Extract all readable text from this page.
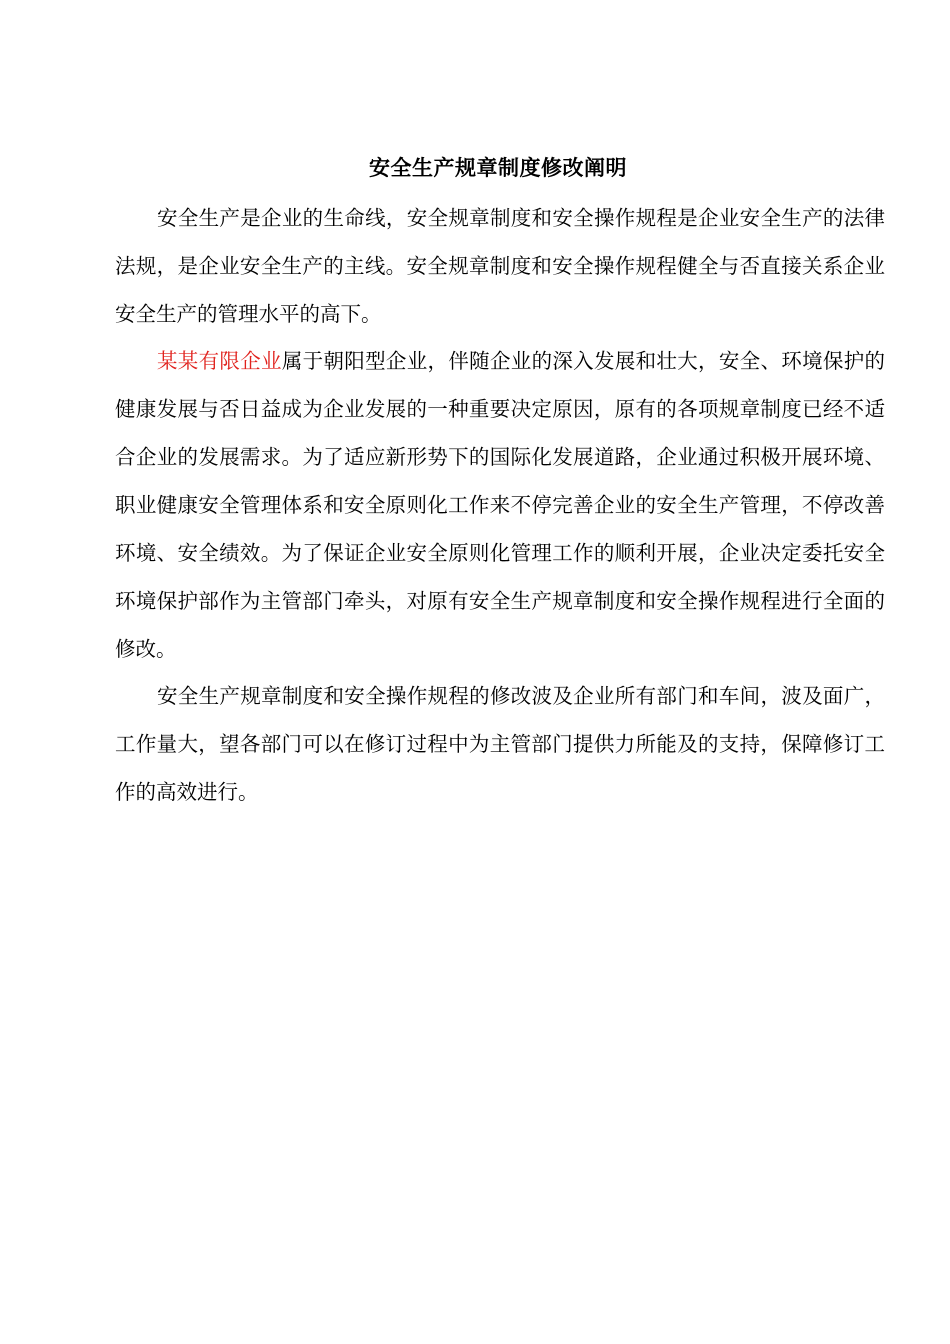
安全生产规章制度修改阐明

安全生产是企业的生命线，安全规章制度和安全操作规程是企业安全生产的法律法规，是企业安全生产的主线。安全规章制度和安全操作规程健全与否直接关系企业安全生产的管理水平的高下。

某某有限企业属于朝阳型企业，伴随企业的深入发展和壮大，安全、环境保护的健康发展与否日益成为企业发展的一种重要决定原因，原有的各项规章制度已经不适合企业的发展需求。为了适应新形势下的国际化发展道路，企业通过积极开展环境、职业健康安全管理体系和安全原则化工作来不停完善企业的安全生产管理，不停改善环境、安全绩效。为了保证企业安全原则化管理工作的顺利开展，企业决定委托安全环境保护部作为主管部门牵头，对原有安全生产规章制度和安全操作规程进行全面的修改。

安全生产规章制度和安全操作规程的修改波及企业所有部门和车间，波及面广，工作量大，望各部门可以在修订过程中为主管部门提供力所能及的支持，保障修订工作的高效进行。
